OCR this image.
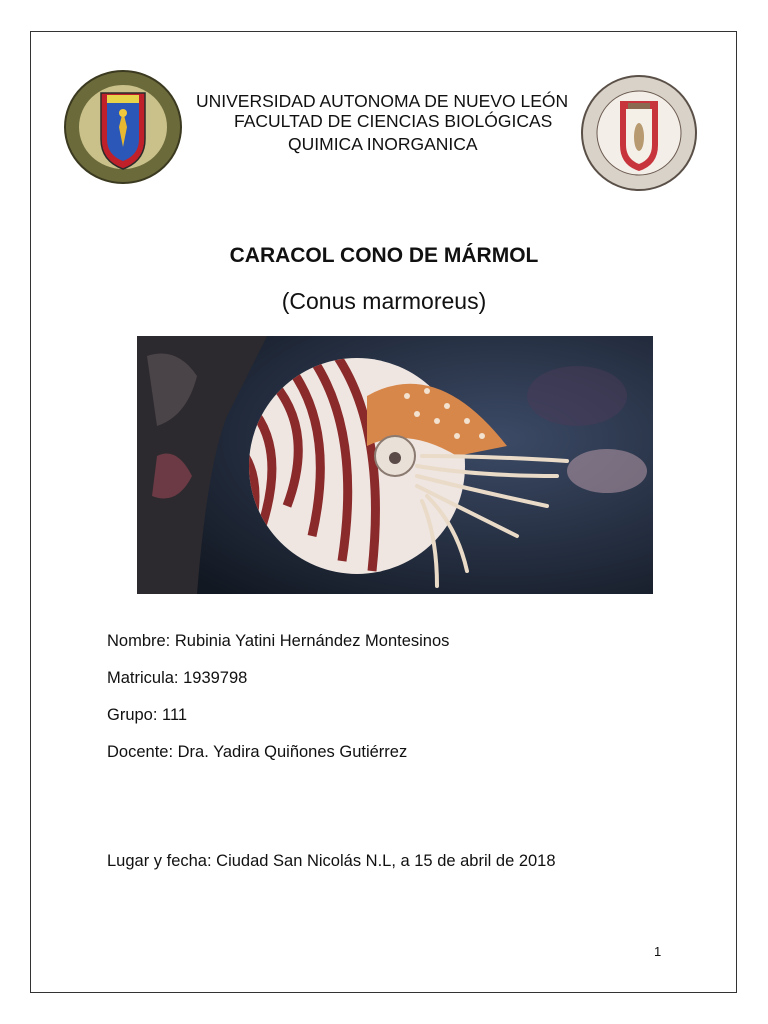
UNIVERSIDAD AUTONOMA DE NUEVO LEÓN
FACULTAD DE CIENCIAS BIOLÓGICAS
QUIMICA INORGANICA
CARACOL CONO DE MÁRMOL
(Conus marmoreus)
Nombre: Rubinia Yatini Hernández Montesinos
Matricula: 1939798
Grupo: 111
Docente: Dra. Yadira Quiñones Gutiérrez
Lugar y fecha: Ciudad San Nicolás N.L, a 15 de abril de 2018
1
